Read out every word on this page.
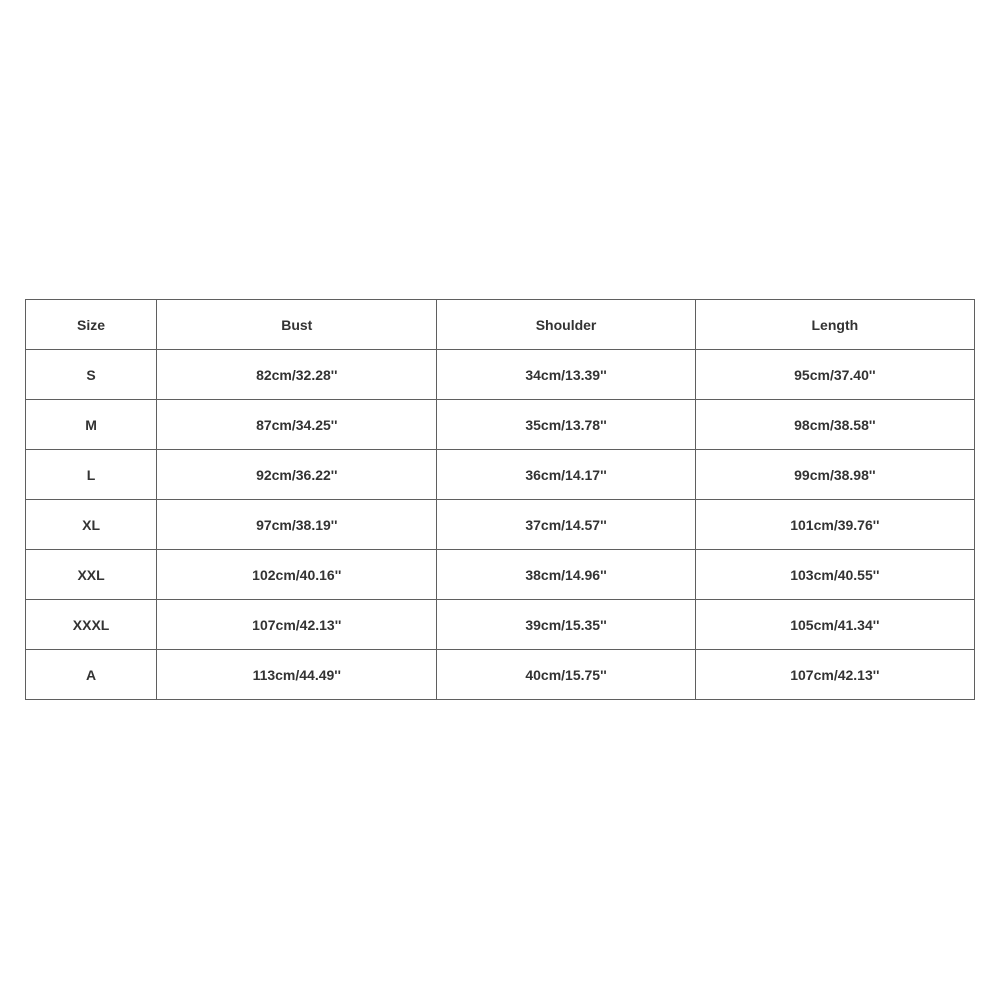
Size	Bust	Shoulder	Length
S	82cm/32.28''	34cm/13.39''	95cm/37.40''
M	87cm/34.25''	35cm/13.78''	98cm/38.58''
L	92cm/36.22''	36cm/14.17''	99cm/38.98''
XL	97cm/38.19''	37cm/14.57''	101cm/39.76''
XXL	102cm/40.16''	38cm/14.96''	103cm/40.55''
XXXL	107cm/42.13''	39cm/15.35''	105cm/41.34''
A	113cm/44.49''	40cm/15.75''	107cm/42.13''
